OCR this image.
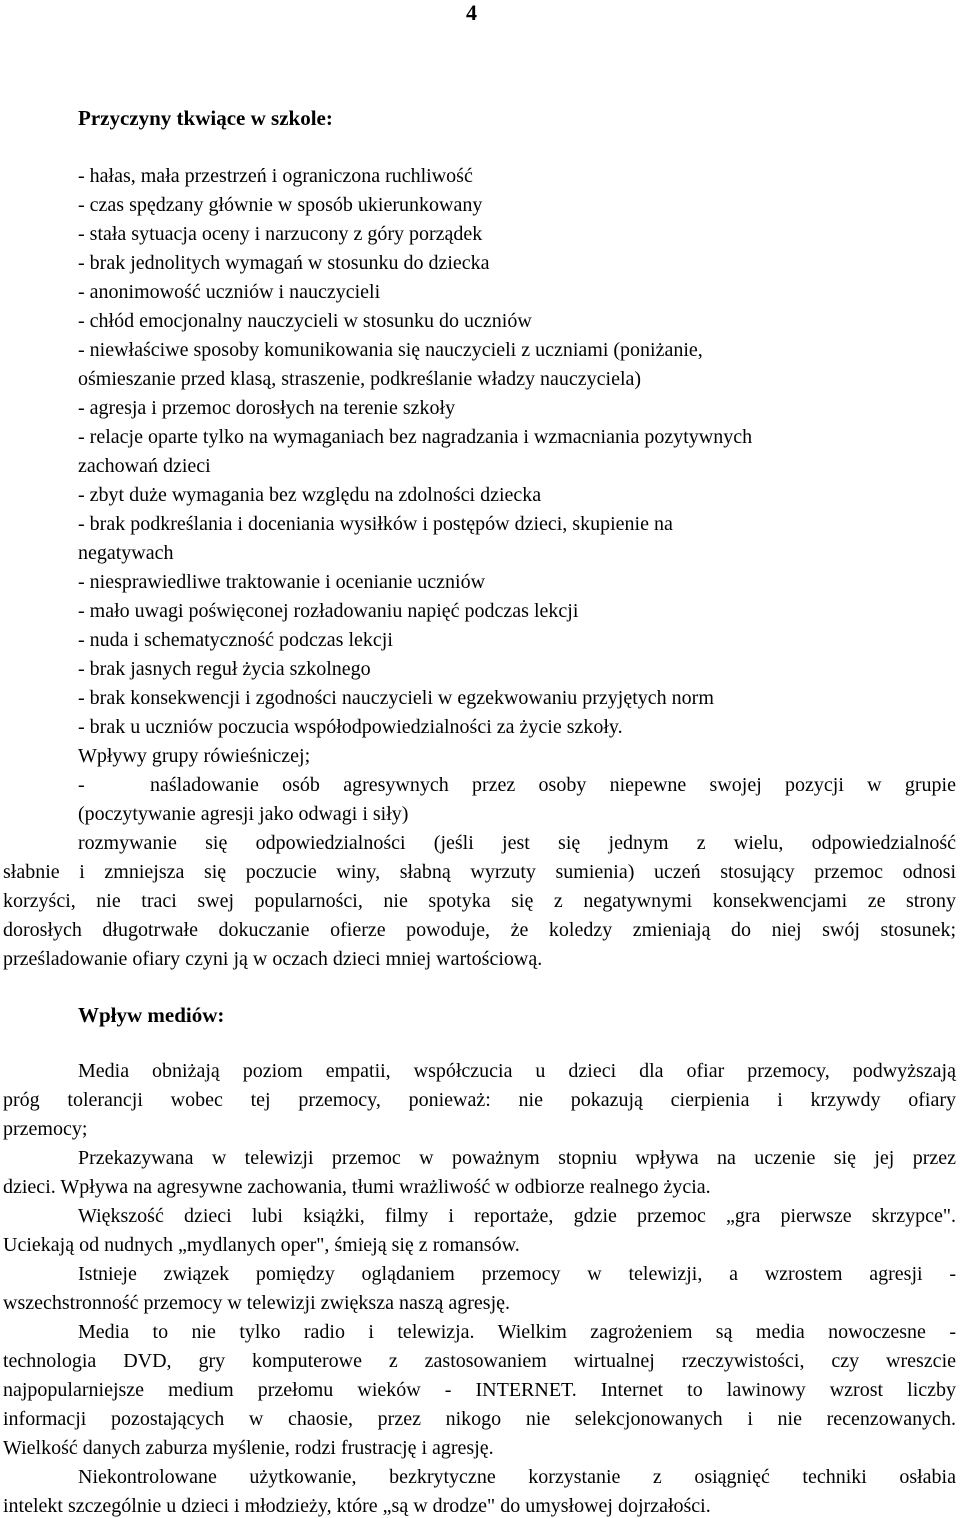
4
Przyczyny tkwiące w szkole:
- hałas, mała przestrzeń i ograniczona ruchliwość
- czas spędzany głównie w sposób ukierunkowany
- stała sytuacja oceny i narzucony z góry porządek
- brak jednolitych wymagań w stosunku do dziecka
- anonimowość uczniów i nauczycieli
- chłód emocjonalny nauczycieli w stosunku do uczniów
- niewłaściwe sposoby komunikowania się nauczycieli z uczniami (poniżanie,
ośmieszanie przed klasą, straszenie, podkreślanie władzy nauczyciela)
- agresja i przemoc dorosłych na terenie szkoły
- relacje oparte tylko na wymaganiach bez nagradzania i wzmacniania pozytywnych
zachowań dzieci
- zbyt duże wymagania bez względu na zdolności dziecka
- brak podkreślania i doceniania wysiłków i postępów dzieci, skupienie na
negatywach
- niesprawiedliwe traktowanie i ocenianie uczniów
- mało uwagi poświęconej rozładowaniu napięć podczas lekcji
- nuda i schematyczność podczas lekcji
- brak jasnych reguł życia szkolnego
- brak konsekwencji i zgodności nauczycieli w egzekwowaniu przyjętych norm
- brak u uczniów poczucia współodpowiedzialności za życie szkoły.
Wpływy grupy rówieśniczej;
-	naśladowanie osób agresywnych przez osoby niepewne swojej pozycji w grupie
(poczytywanie agresji jako odwagi i siły)
rozmywanie się odpowiedzialności (jeśli jest się jednym z wielu, odpowiedzialność
słabnie i zmniejsza się poczucie winy, słabną wyrzuty sumienia) uczeń stosujący przemoc odnosi
korzyści, nie traci swej popularności, nie spotyka się z negatywnymi konsekwencjami ze strony
dorosłych długotrwałe dokuczanie ofierze powoduje, że koledzy zmieniają do niej swój stosunek;
prześladowanie ofiary czyni ją w oczach dzieci mniej wartościową.
Wpływ mediów:
Media obniżają poziom empatii, współczucia u dzieci dla ofiar przemocy, podwyższają
próg tolerancji wobec tej przemocy, ponieważ: nie pokazują cierpienia i krzywdy ofiary
przemocy;
Przekazywana w telewizji przemoc w poważnym stopniu wpływa na uczenie się jej przez
dzieci. Wpływa na agresywne zachowania, tłumi wrażliwość w odbiorze realnego życia.
Większość dzieci lubi książki, filmy i reportaże, gdzie przemoc „gra pierwsze skrzypce".
Uciekają od nudnych „mydlanych oper", śmieją się z romansów.
Istnieje związek pomiędzy oglądaniem przemocy w telewizji, a wzrostem agresji -
wszechstronność przemocy w telewizji zwiększa naszą agresję.
Media to nie tylko radio i telewizja. Wielkim zagrożeniem są media nowoczesne -
technologia DVD, gry komputerowe z zastosowaniem wirtualnej rzeczywistości, czy wreszcie
najpopularniejsze medium przełomu wieków - INTERNET. Internet to lawinowy wzrost liczby
informacji pozostających w chaosie, przez nikogo nie selekcjonowanych i nie recenzowanych.
Wielkość danych zaburza myślenie, rodzi frustrację i agresję.
Niekontrolowane użytkowanie, bezkrytyczne korzystanie z osiągnięć techniki osłabia
intelekt szczególnie u dzieci i młodzieży, które „są w drodze" do umysłowej dojrzałości.
